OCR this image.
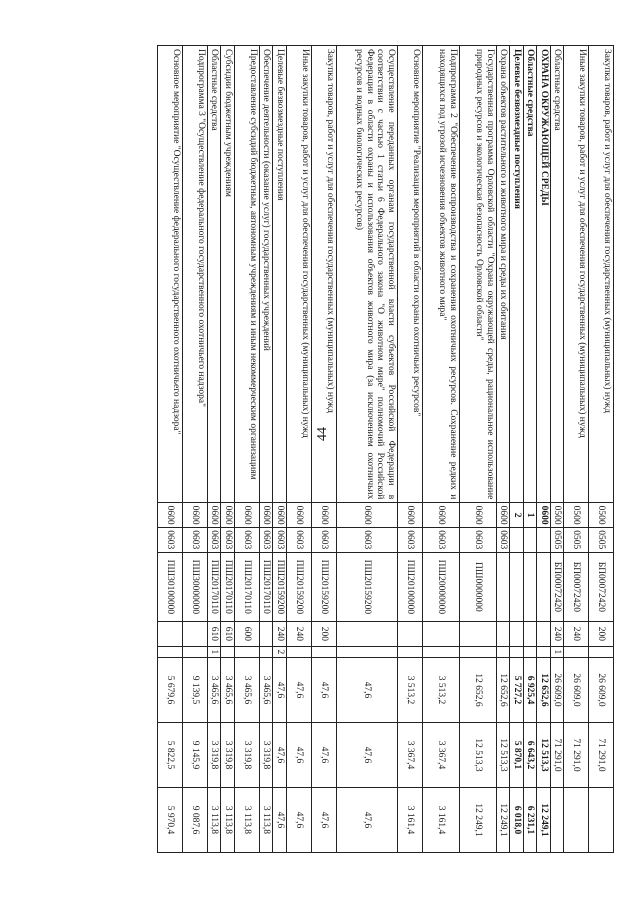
44
Закупка товаров, работ и услуг для обеспечения государственных (муниципальных) нужд	0500	0505	БП00072420	200		26 609,0	71 291,0	
Иные закупки товаров, работ и услуг для обеспечения государственных (муниципальных) нужд	0500	0505	БП00072420	240		26 609,0	71 291,0	
Областные средства	0500	0505	БП00072420	240	1	26 609,0	71 291,0	
ОХРАНА ОКРУЖАЮЩЕЙ СРЕДЫ	0600					12 652,6	12 513,3	12 249,1
Областные средства	1					6 925,4	6 643,2	6 231,1
Целевые безвозмездные поступления	2					5 727,2	5 870,1	6 018,0
Охрана объектов растительного и животного мира и среды их обитания	0600	0603				12 652,6	12 513,3	12 249,1
Государственная программа Орловской области "Охрана окружающей среды, рациональное использование природных ресурсов и экологическая безопасность Орловской области"	0600	0603	ПШ0000000			12 652,6	12 513,3	12 249,1
Подпрограмма 2 "Обеспечение воспроизводства и сохранения охотничьих ресурсов. Сохранение редких и находящихся под угрозой исчезновения объектов животного мира"	0600	0603	ПШ20000000			3 513,2	3 367,4	3 161,4
Основное мероприятие "Реализация мероприятий в области охраны охотничьих ресурсов"	0600	0603	ПШ20100000			3 513,2	3 367,4	3 161,4
Осуществление переданных органам государственной власти субъектов Российской Федерации в соответствии с частью 1 статьи 6 Федерального закона "О животном мире" полномочий Российской Федерации в области охраны и использования объектов животного мира (за исключением охотничьих ресурсов и водных биологических ресурсов)	0600	0603	ПШ20159200			47,6	47,6	47,6
Закупка товаров, работ и услуг для обеспечения государственных (муниципальных) нужд	0600	0603	ПШ20159200	200		47,6	47,6	47,6
Иные закупки товаров, работ и услуг для обеспечения государственных (муниципальных) нужд	0600	0603	ПШ20159200	240		47,6	47,6	47,6
Целевые безвозмездные поступления	0600	0603	ПШ20159200	240	2	47,6	47,6	47,6
Обеспечение деятельности (оказание услуг) государственных учреждений	0600	0603	ПШ20170110			3 465,6	3 319,8	3 113,8
Предоставление субсидий бюджетным, автономным учреждениям и иным некоммерческим организациям	0600	0603	ПШ20170110	600		3 465,6	3 319,8	3 113,8
Субсидии бюджетным учреждениям	0600	0603	ПШ20170110	610		3 465,6	3 319,8	3 113,8
Областные средства	0600	0603	ПШ20170110	610	1	3 465,6	3 319,8	3 113,8
Подпрограмма 3 "Осуществление федерального государственного охотничьего надзора"	0600	0603	ПШ30000000			9 139,5	9 145,9	9 087,6
Основное мероприятие "Осуществление федерального государственного охотничьего надзора"	0600	0603	ПШ30100000			5 679,6	5 822,5	5 970,4
